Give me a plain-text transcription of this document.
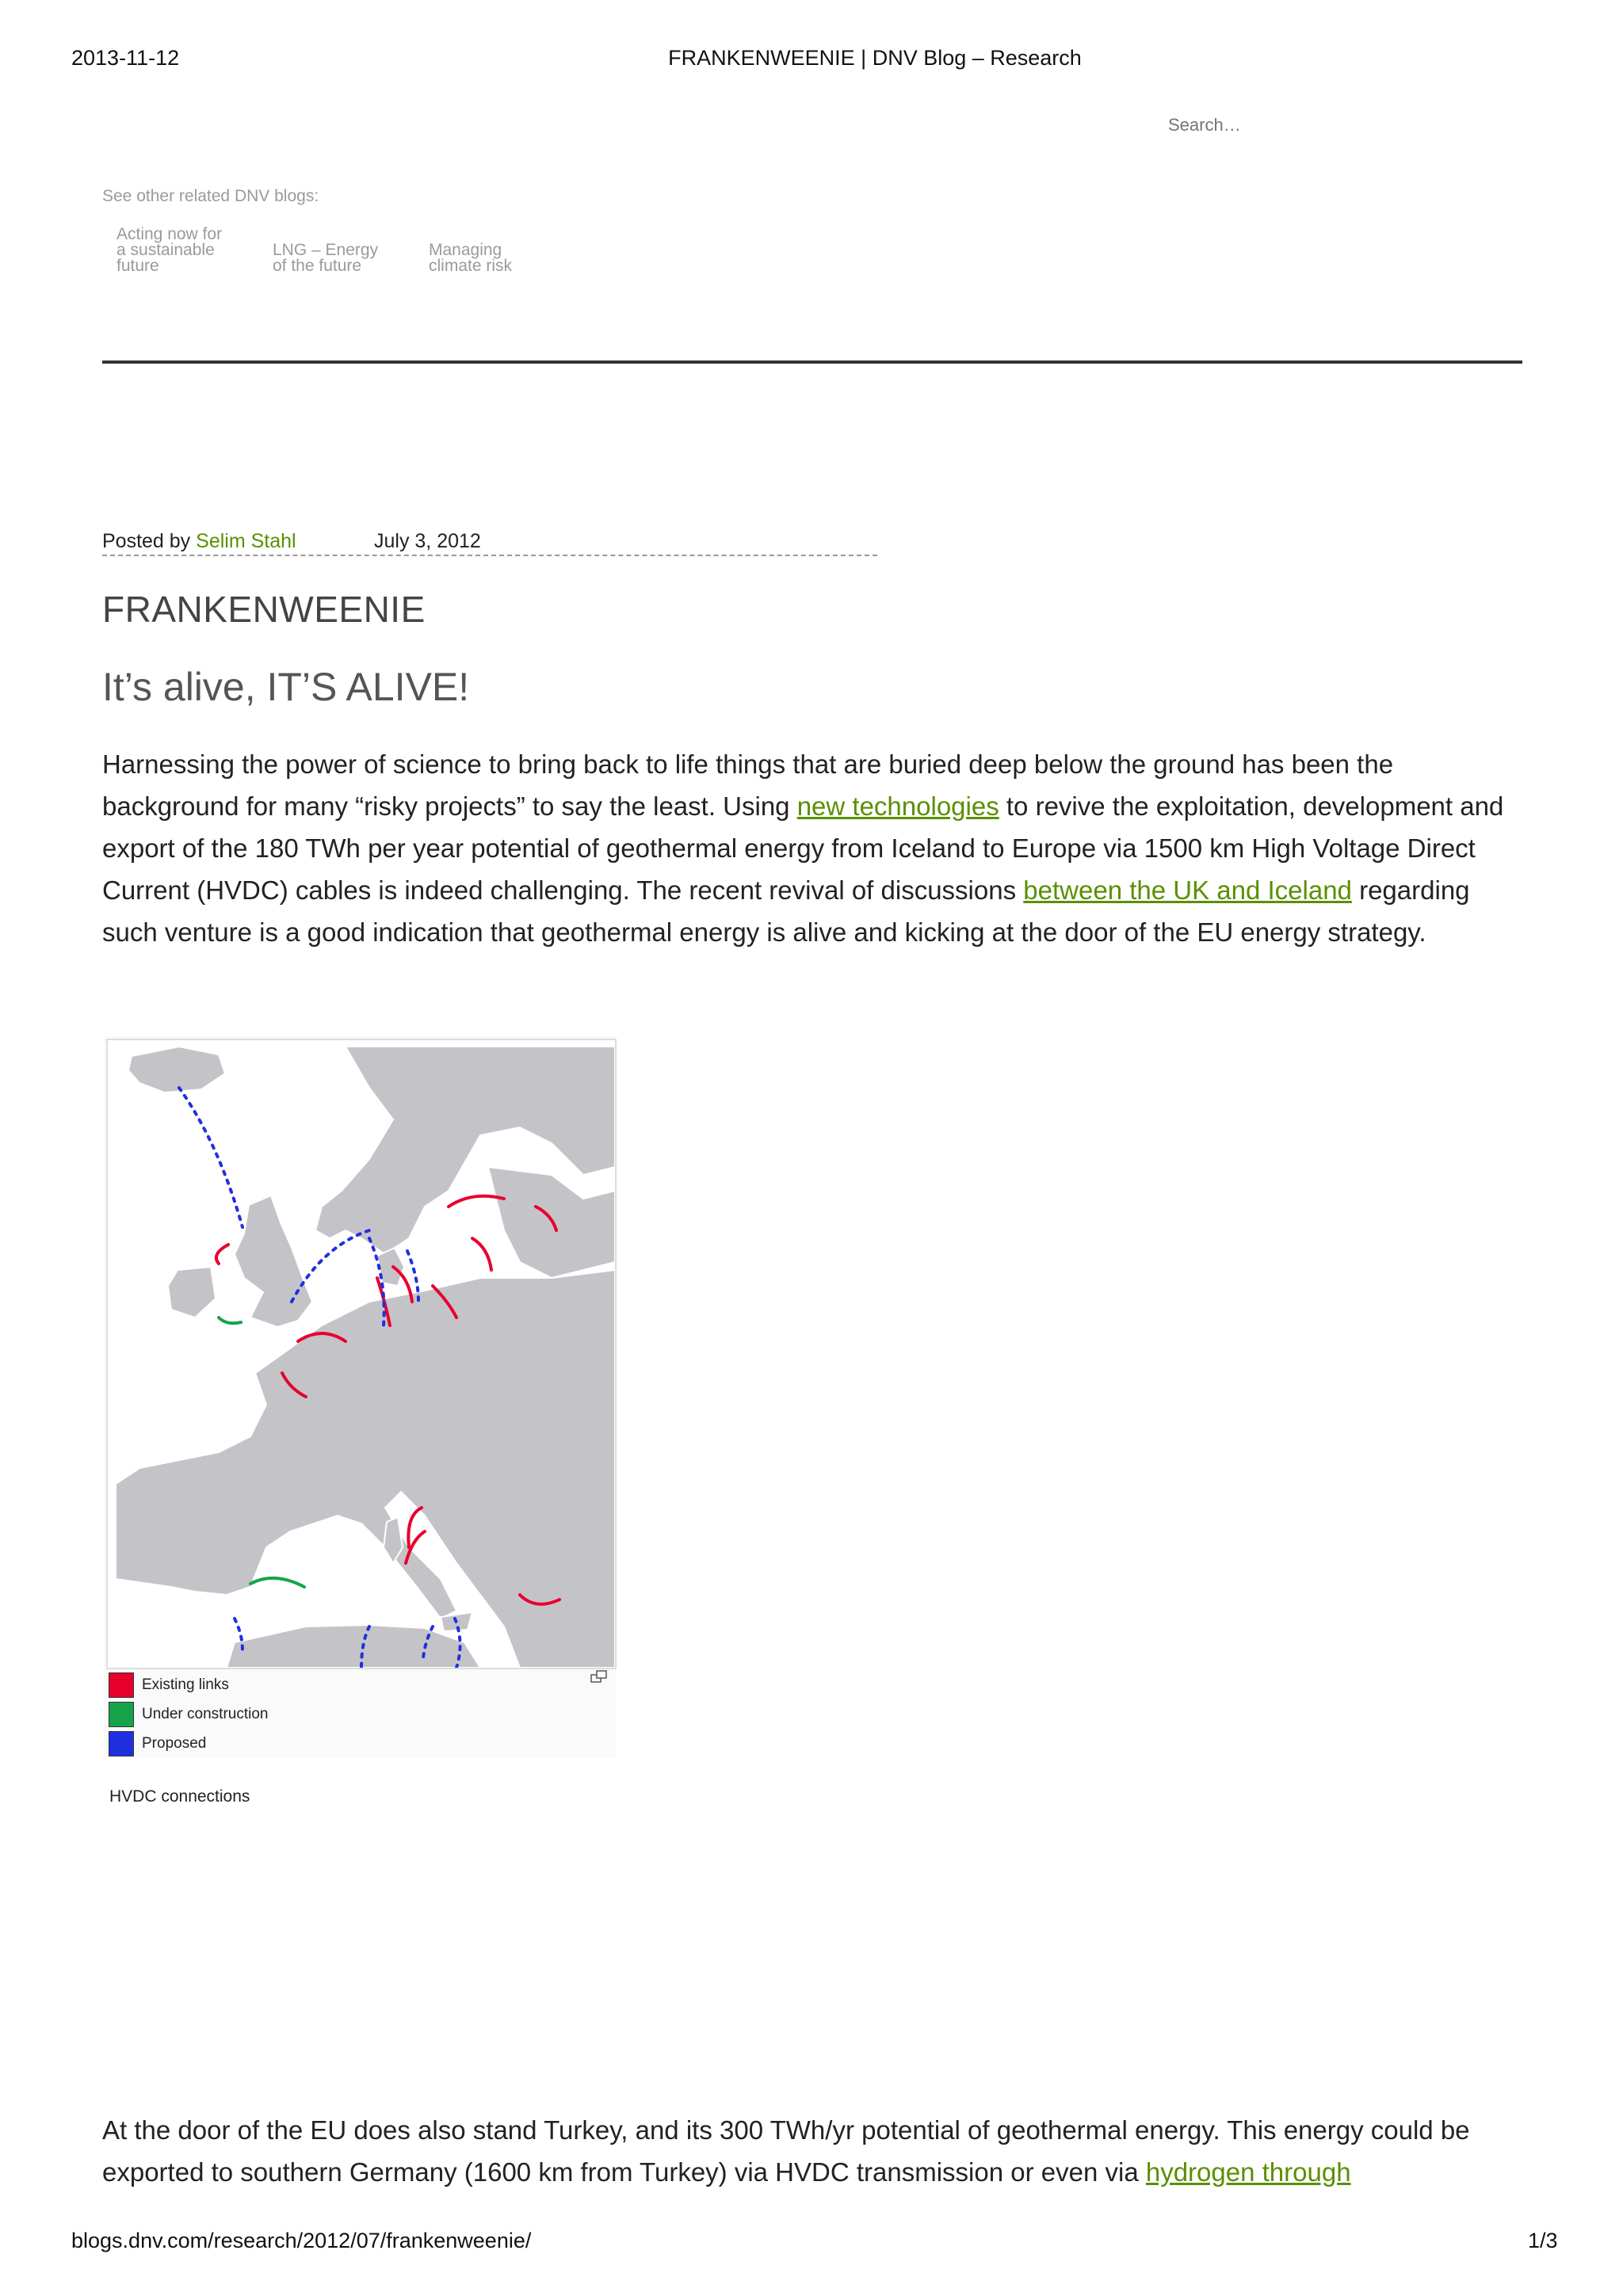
2013-11-12	FRANKENWEENIE | DNV Blog – Research
Search…
See other related DNV blogs:
Acting now for a sustainable future
LNG – Energy of the future
Managing climate risk
Posted by Selim Stahl	July 3, 2012
FRANKENWEENIE
It’s alive, IT’S ALIVE!
Harnessing the power of science to bring back to life things that are buried deep below the ground has been the background for many “risky projects” to say the least. Using new technologies to revive the exploitation, development and export of the 180 TWh per year potential of geothermal energy from Iceland to Europe via 1500 km High Voltage Direct Current (HVDC) cables is indeed challenging. The recent revival of discussions between the UK and Iceland regarding such venture is a good indication that geothermal energy is alive and kicking at the door of the EU energy strategy.
Existing links
Under construction
Proposed
HVDC connections
At the door of the EU does also stand Turkey, and its 300 TWh/yr potential of geothermal energy. This energy could be exported to southern Germany (1600 km from Turkey) via HVDC transmission or even via hydrogen through
blogs.dnv.com/research/2012/07/frankenweenie/	1/3
